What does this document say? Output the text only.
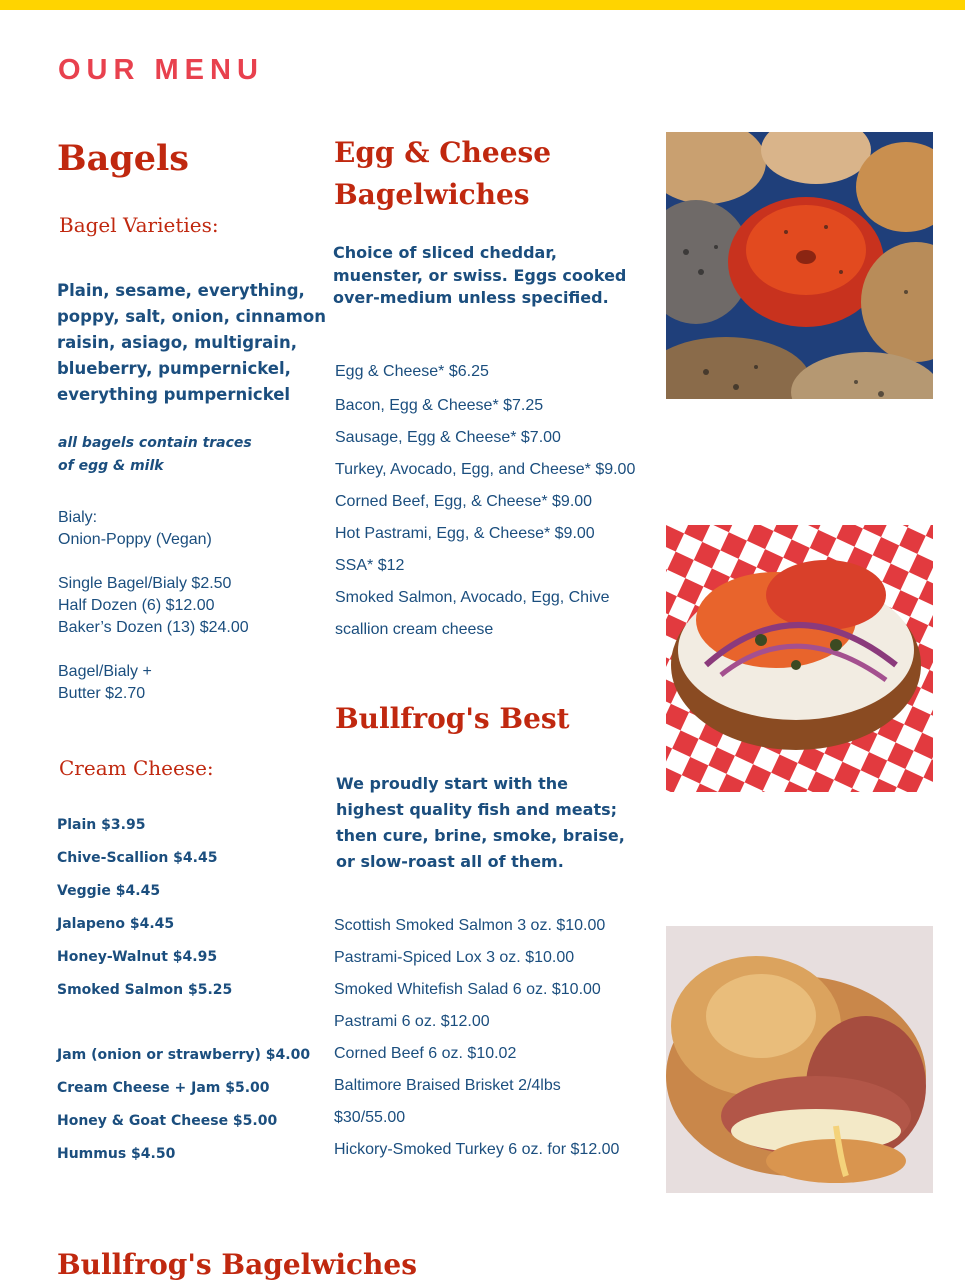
OUR MENU
Bagels
Bagel Varieties:
Plain, sesame, everything,
poppy, salt, onion, cinnamon
raisin, asiago, multigrain,
blueberry, pumpernickel,
everything pumpernickel
all bagels contain traces
of egg & milk
Bialy:
Onion-Poppy (Vegan)
Single Bagel/Bialy $2.50
Half Dozen (6) $12.00
Baker’s Dozen (13) $24.00
Bagel/Bialy +
Butter $2.70
Cream Cheese:
Plain $3.95
Chive-Scallion $4.45
Veggie $4.45
Jalapeno $4.45
Honey-Walnut $4.95
Smoked Salmon $5.25
Jam (onion or strawberry) $4.00
Cream Cheese + Jam $5.00
Honey & Goat Cheese $5.00
Hummus $4.50
Bullfrog's Bagelwiches
Egg & Cheese
Bagelwiches
Choice of sliced cheddar,
muenster, or swiss. Eggs cooked
over-medium unless specified.
Egg & Cheese* $6.25
Bacon, Egg & Cheese* $7.25
Sausage, Egg & Cheese* $7.00
Turkey, Avocado, Egg, and Cheese* $9.00
Corned Beef, Egg, & Cheese* $9.00
Hot Pastrami, Egg, & Cheese* $9.00
SSA* $12
Smoked Salmon, Avocado, Egg, Chive
scallion cream cheese
Bullfrog's Best
We proudly start with the
highest quality fish and meats;
then cure, brine, smoke, braise,
or slow-roast all of them.
Scottish Smoked Salmon 3 oz. $10.00
Pastrami-Spiced Lox 3 oz. $10.00
Smoked Whitefish Salad 6 oz. $10.00
Pastrami 6 oz. $12.00
Corned Beef 6 oz. $10.02
Baltimore Braised Brisket 2/4lbs
$30/55.00
Hickory-Smoked Turkey 6 oz. for $12.00
